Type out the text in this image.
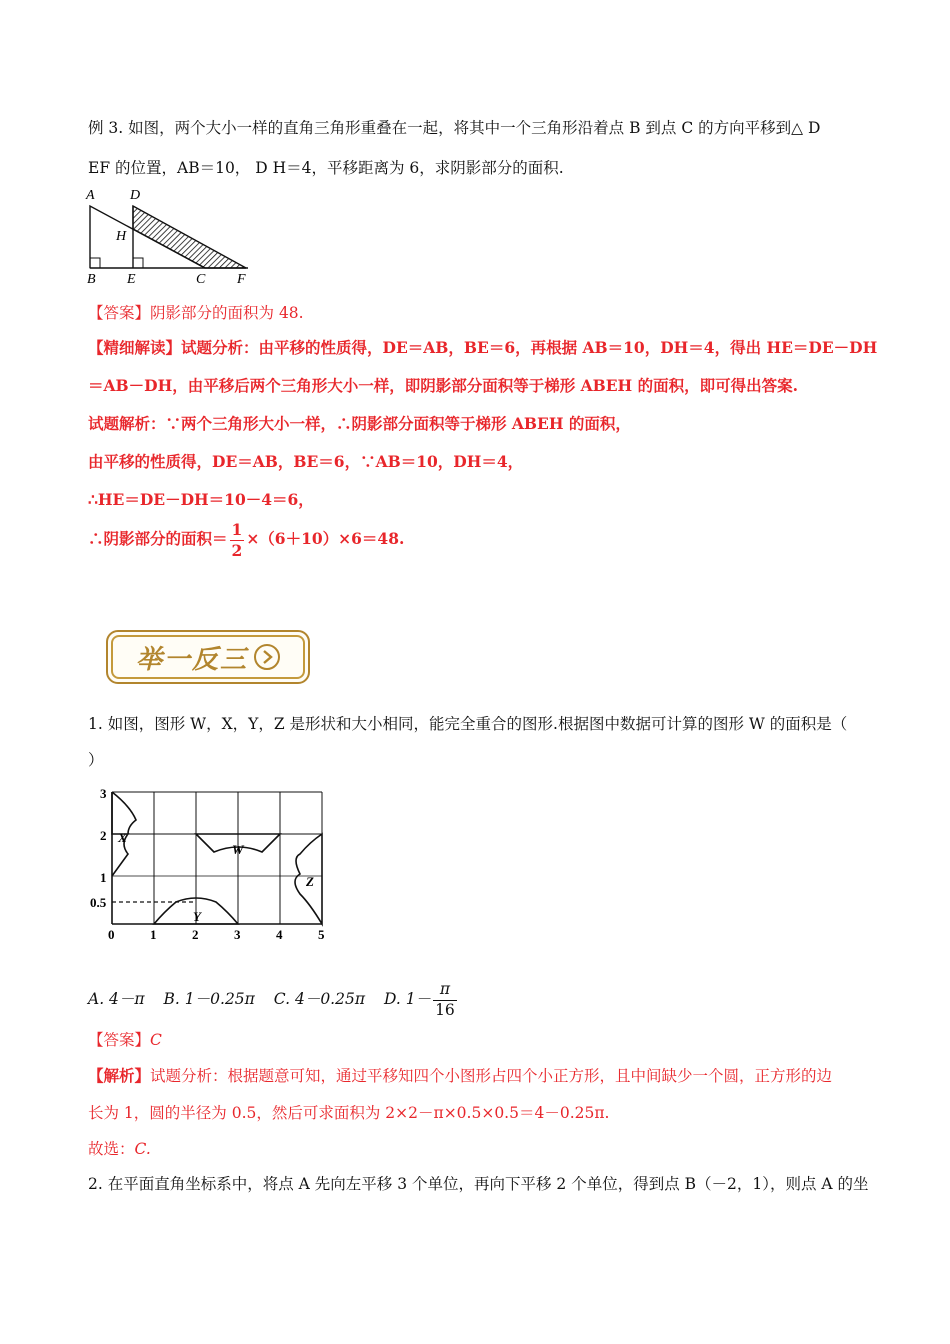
例 3. 如图，两个大小一样的直角三角形重叠在一起，将其中一个三角形沿着点 B 到点 C 的方向平移到△ D
EF 的位置，AB＝10， D H＝4，平移距离为 6，求阴影部分的面积.
A	D
H
B E	C F
【答案】阴影部分的面积为 48.
【精细解读】试题分析：由平移的性质得，DE＝AB，BE＝6，再根据 AB＝10，DH＝4，得出 HE＝DE－DH
＝AB－DH，由平移后两个三角形大小一样，即阴影部分面积等于梯形 ABEH 的面积，即可得出答案.
试题解析：∵两个三角形大小一样，∴阴影部分面积等于梯形 ABEH 的面积，
由平移的性质得，DE＝AB，BE＝6，∵AB＝10，DH＝4，
∴HE＝DE－DH＝10－4＝6，
∴阴影部分的面积＝ $\frac{1}{2} \times(6+10)\times 6=48$.
举一反三
1. 如图，图形 W，X，Y，Z 是形状和大小相同，能完全重合的图形.根据图中数据可计算的图形 W 的面积是（
）
X
W
Z
Y
3
2
1
0.5
0	1	2	3	4	5
A. 4－π B. 1－0.25π C. 4－0.25π D. $1- \frac{\pi}{16}$
【答案】C
【解析】试题分析：根据题意可知，通过平移知四个小图形占四个小正方形，且中间缺少一个圆，正方形的边
长为 1，圆的半径为 0.5，然后可求面积为 2×2－π×0.5×0.5＝4－0.25π.
故选：C.
2. 在平面直角坐标系中，将点 A 先向左平移 3 个单位，再向下平移 2 个单位，得到点 B（－2，1），则点 A 的坐
